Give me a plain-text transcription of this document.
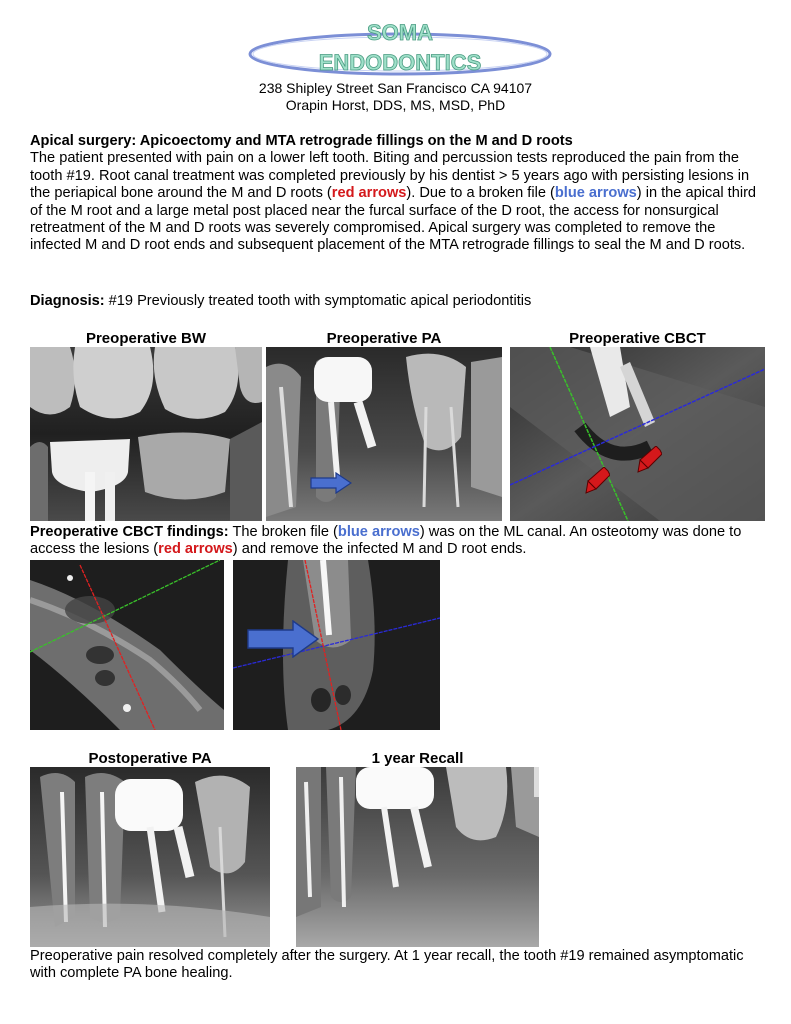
SOMA
ENDODONTICS
238 Shipley Street San Francisco CA 94107
Orapin Horst, DDS, MS, MSD, PhD
Apical surgery: Apicoectomy and MTA retrograde fillings on the M and D roots
The patient presented with pain on a lower left tooth. Biting and percussion tests reproduced the pain from the tooth #19. Root canal treatment was completed previously by his dentist > 5 years ago with persisting lesions in the periapical bone around the M and D roots (red arrows). Due to a broken file (blue arrows) in the apical third of the M root and a large metal post placed near the furcal surface of the D root, the access for nonsurgical retreatment of the M and D roots was severely compromised. Apical surgery was completed to remove the infected M and D root ends and subsequent placement of the MTA retrograde fillings to seal the M and D roots.
Diagnosis: #19 Previously treated tooth with symptomatic apical periodontitis
Preoperative BW	Preoperative PA	Preoperative CBCT
Preoperative CBCT findings: The broken file (blue arrows) was on the ML canal. An osteotomy was done to access the lesions (red arrows) and remove the infected M and D root ends.
Postoperative PA	1 year Recall
Preoperative pain resolved completely after the surgery. At 1 year recall, the tooth #19 remained asymptomatic with complete PA bone healing.
